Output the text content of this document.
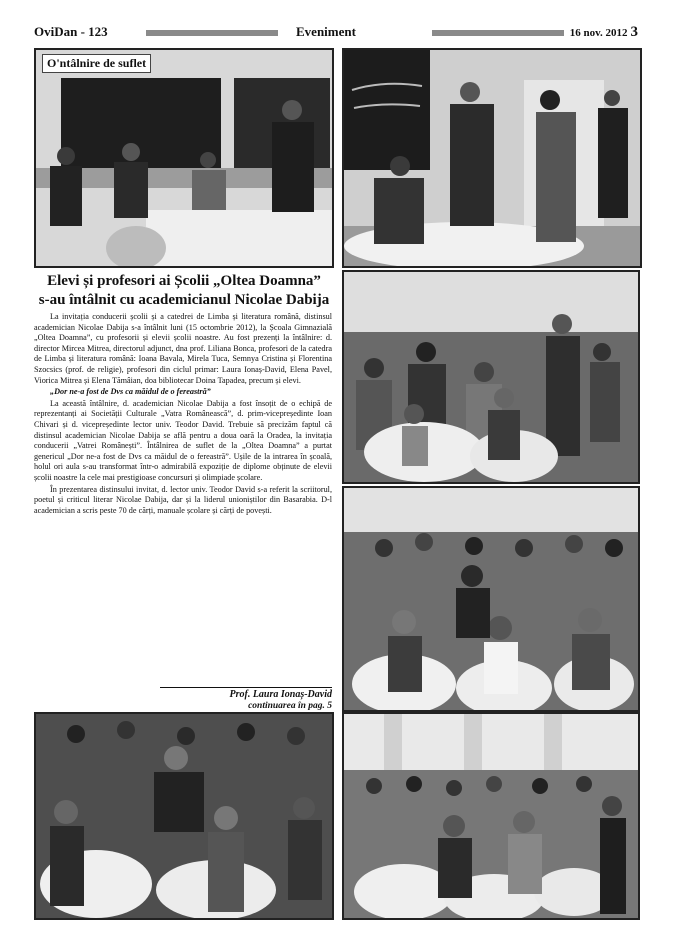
OviDan - 123	Eveniment	16 nov. 2012 3
O'ntâlnire de suflet
Elevi și profesori ai Școlii „Oltea Doamna”
s-au întâlnit cu academicianul Nicolae Dabija

La invitația conducerii școlii și a catedrei de Limba și literatura română, distinsul academician Nicolae Dabija s-a întâlnit luni (15 octombrie 2012), la Școala Gimnazială „Oltea Doamna”, cu profesorii și elevii școlii noastre. Au fost prezenți la întâlnire: d. director Mircea Mitrea, directorul adjunct, dna prof. Liliana Bonca, profesori de la catedra de Limba și literatura română: Ioana Bavala, Mirela Tuca, Semnya Cristina și Florentina Szocsics (prof. de religie), profesori din ciclul primar: Laura Ionaș-David, Elena Pavel, Viorica Mitrea și Elena Tămâian, doa bibliotecar Doina Tapadea, precum și elevi.

„Dor ne-a fost de Dvs ca măidul de o fereastră”

La această întâlnire, d. academician Nicolae Dabija a fost însoțit de o echipă de reprezentanți ai Societății Culturale „Vatra Românească”, d. prim-vicepreședinte Ioan Chivari și d. vicepreședinte lector univ. Teodor David. Trebuie să precizăm faptul că distinsul academician Nicolae Dabija se află pentru a doua oară la Oradea, la invitația conducerii „Vatrei Românești”. Întâlnirea de suflet de la „Oltea Doamna” a purtat genericul „Dor ne-a fost de Dvs ca măidul de o fereastră”. Ușile de la intrarea în școală, holul ori aula s-au transformat într-o admirabilă expoziție de diplome obținute de elevii școlii noastre la cele mai prestigioase concursuri și olimpiade școlare.

În prezentarea distinsului invitat, d. lector univ. Teodor David s-a referit la scriitorul, poetul și criticul literar Nicolae Dabija, dar și la liderul unioniștilor din Basarabia. D-l academician a scris peste 70 de cărți, manuale școlare și cărți de povești.

Prof. Laura Ionaș-David
continuarea în pag. 5
